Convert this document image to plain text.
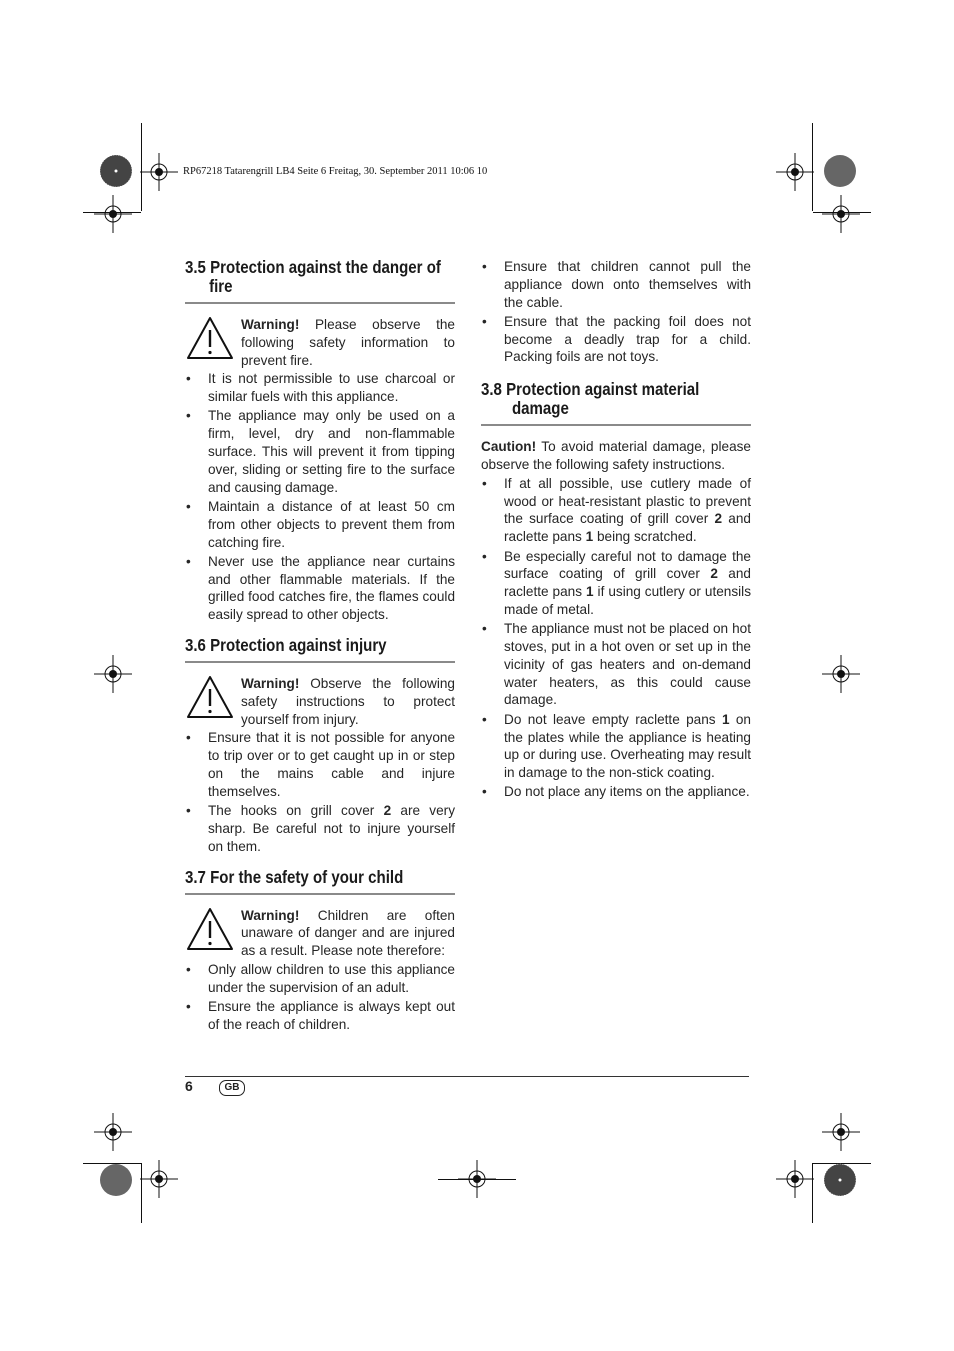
RP67218 Tatarengrill LB4 Seite 6 Freitag, 30. September 2011 10:06 10
3.5 Protection against the danger of
fire

Warning! Please observe the following safety information to prevent fire.

• It is not permissible to use charcoal or similar fuels with this appliance.
• The appliance may only be used on a firm, level, dry and non-flammable surface. This will prevent it from tipping over, sliding or setting fire to the surface and causing damage.
• Maintain a distance of at least 50 cm from other objects to prevent them from catching fire.
• Never use the appliance near curtains and other flammable materials. If the grilled food catches fire, the flames could easily spread to other objects.
3.6 Protection against injury

Warning! Observe the following safety instructions to protect yourself from injury.

• Ensure that it is not possible for anyone to trip over or to get caught up in or step on the mains cable and injure themselves.
• The hooks on grill cover 2 are very sharp. Be careful not to injure yourself on them.
3.7 For the safety of your child

Warning! Children are often unaware of danger and are injured as a result. Please note therefore:

• Only allow children to use this appliance under the supervision of an adult.
• Ensure the appliance is always kept out of the reach of children.
• Ensure that children cannot pull the appliance down onto themselves with the cable.
• Ensure that the packing foil does not become a deadly trap for a child. Packing foils are not toys.
3.8 Protection against material
damage

Caution! To avoid material damage, please observe the following safety instructions.

• If at all possible, use cutlery made of wood or heat-resistant plastic to prevent the surface coating of grill cover 2 and raclette pans 1 being scratched.
• Be especially careful not to damage the surface coating of grill cover 2 and raclette pans 1 if using cutlery or utensils made of metal.
• The appliance must not be placed on hot stoves, put in a hot oven or set up in the vicinity of gas heaters and on-demand water heaters, as this could cause damage.
• Do not leave empty raclette pans 1 on the plates while the appliance is heating up or during use. Overheating may result in damage to the non-stick coating.
• Do not place any items on the appliance.
6	GB
